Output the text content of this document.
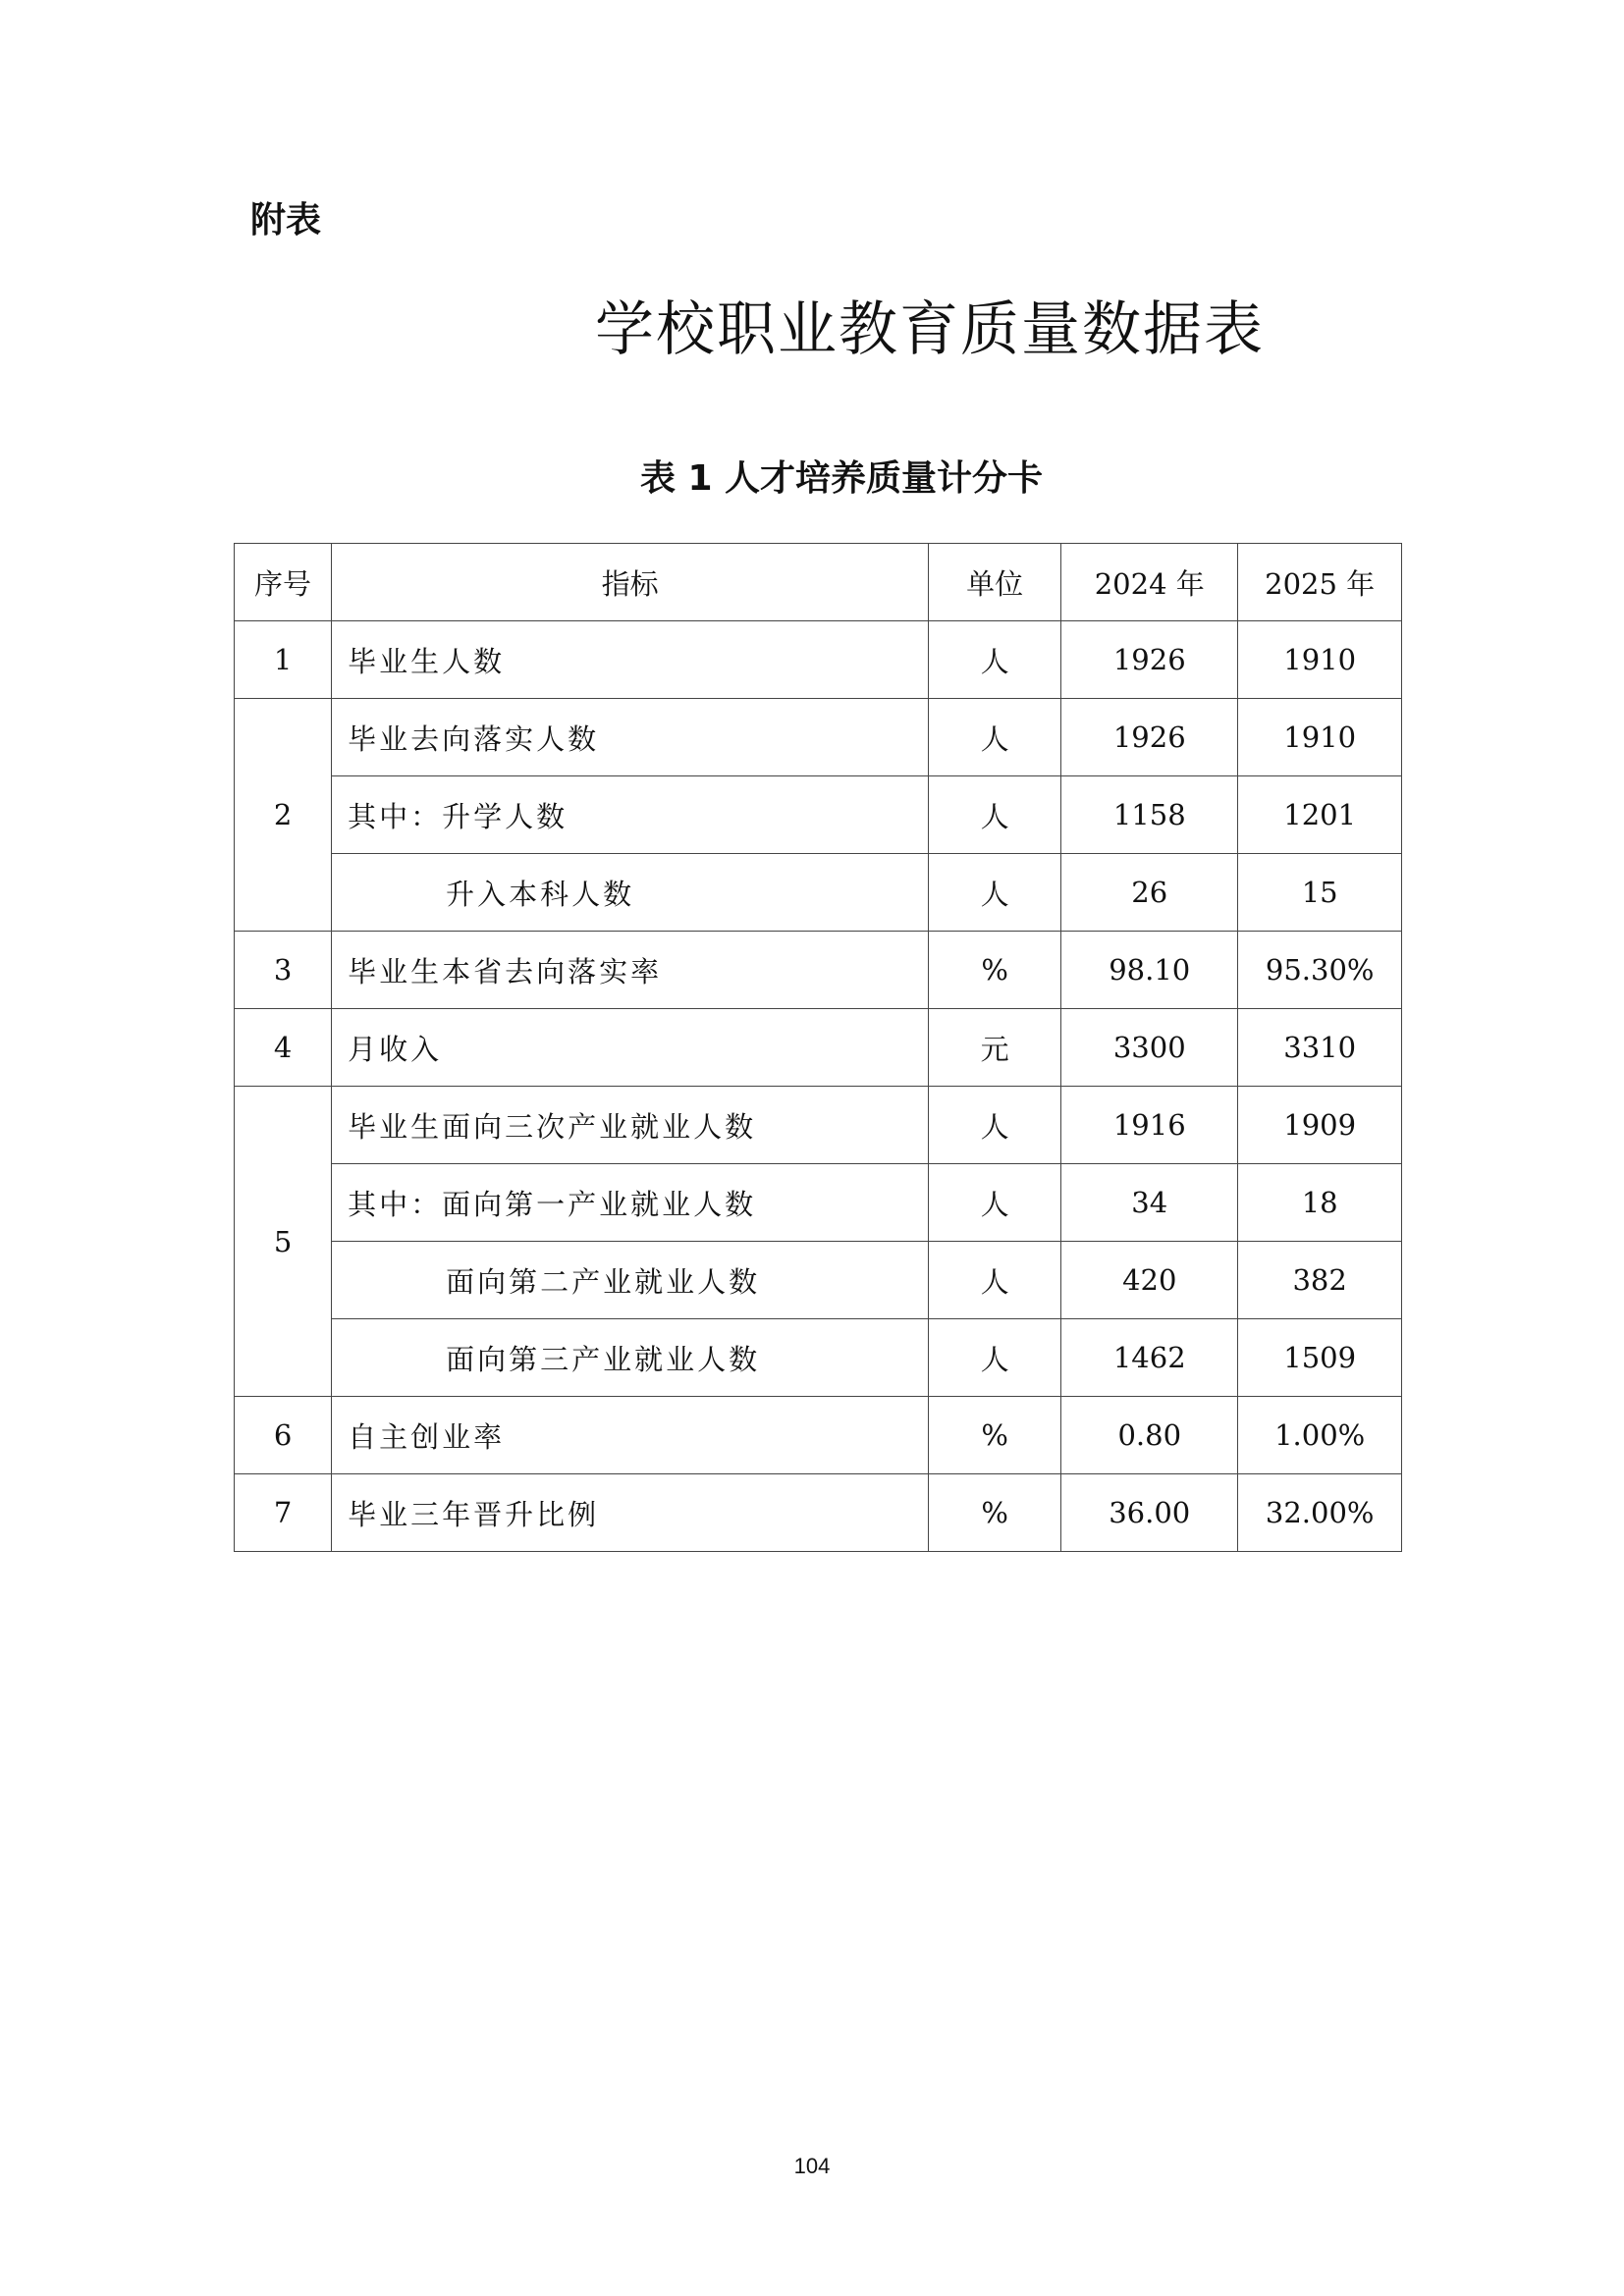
附表
学校职业教育质量数据表
表 1 人才培养质量计分卡
序号	指标	单位	2024 年	2025 年
1	毕业生人数	人	1926	1910
2	毕业去向落实人数	人	1926	1910
	其中：升学人数	人	1158	1201
	升入本科人数	人	26	15
3	毕业生本省去向落实率	%	98.10	95.30%
4	月收入	元	3300	3310
5	毕业生面向三次产业就业人数	人	1916	1909
	其中：面向第一产业就业人数	人	34	18
	面向第二产业就业人数	人	420	382
	面向第三产业就业人数	人	1462	1509
6	自主创业率	%	0.80	1.00%
7	毕业三年晋升比例	%	36.00	32.00%
104
